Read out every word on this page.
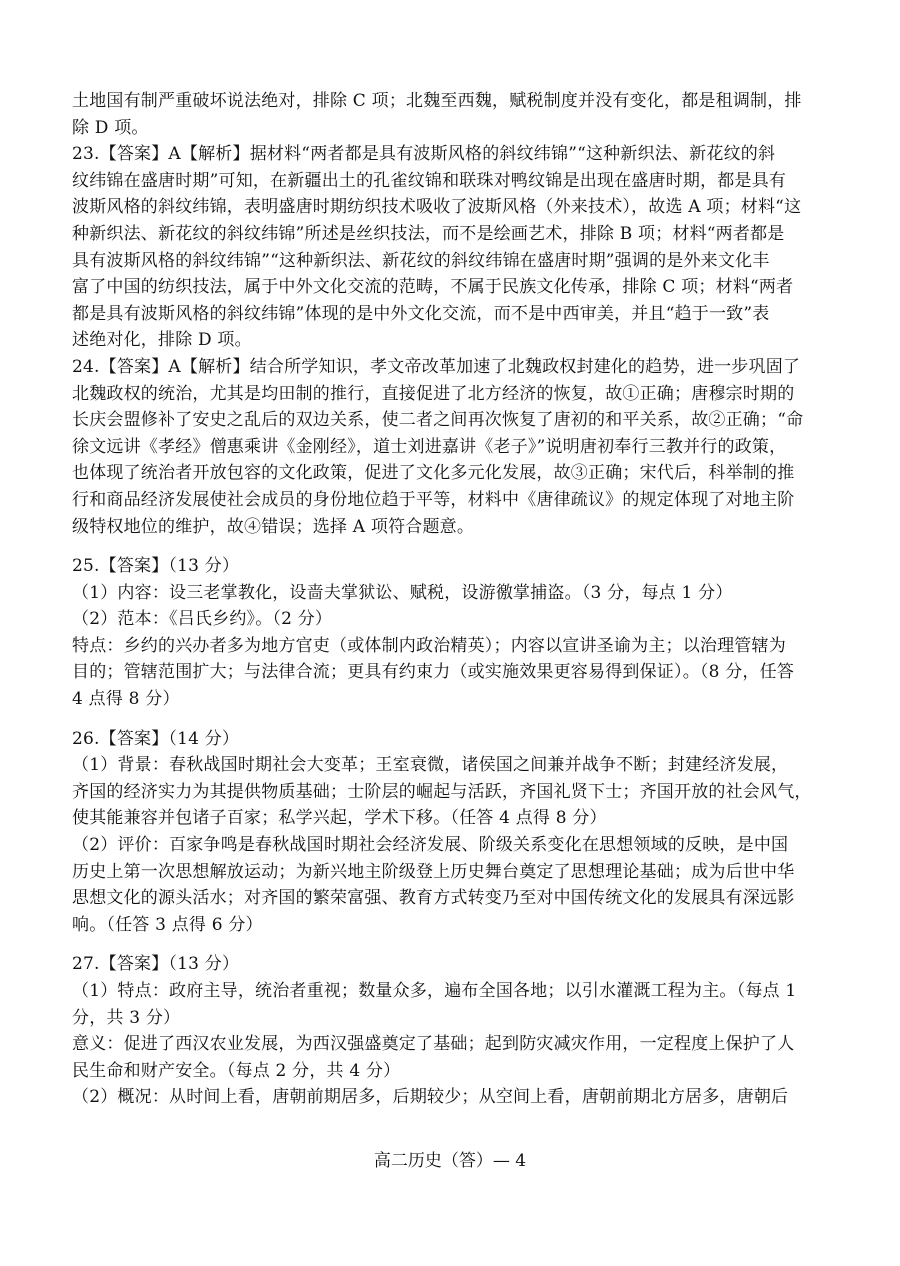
土地国有制严重破坏说法绝对，排除 C 项；北魏至西魏，赋税制度并没有变化，都是租调制，排
除 D 项。
23.【答案】A【解析】据材料“两者都是具有波斯风格的斜纹纬锦”“这种新织法、新花纹的斜
纹纬锦在盛唐时期”可知，在新疆出土的孔雀纹锦和联珠对鸭纹锦是出现在盛唐时期，都是具有
波斯风格的斜纹纬锦，表明盛唐时期纺织技术吸收了波斯风格（外来技术），故选 A 项；材料“这
种新织法、新花纹的斜纹纬锦”所述是丝织技法，而不是绘画艺术，排除 B 项；材料“两者都是
具有波斯风格的斜纹纬锦”“这种新织法、新花纹的斜纹纬锦在盛唐时期”强调的是外来文化丰
富了中国的纺织技法，属于中外文化交流的范畴，不属于民族文化传承，排除 C 项；材料“两者
都是具有波斯风格的斜纹纬锦”体现的是中外文化交流，而不是中西审美，并且“趋于一致”表
述绝对化，排除 D 项。
24.【答案】A【解析】结合所学知识，孝文帝改革加速了北魏政权封建化的趋势，进一步巩固了
北魏政权的统治，尤其是均田制的推行，直接促进了北方经济的恢复，故①正确；唐穆宗时期的
长庆会盟修补了安史之乱后的双边关系，使二者之间再次恢复了唐初的和平关系，故②正确；“命
徐文远讲《孝经》僧惠乘讲《金刚经》，道士刘进嘉讲《老子》”说明唐初奉行三教并行的政策，
也体现了统治者开放包容的文化政策，促进了文化多元化发展，故③正确；宋代后，科举制的推
行和商品经济发展使社会成员的身份地位趋于平等，材料中《唐律疏议》的规定体现了对地主阶
级特权地位的维护，故④错误；选择 A 项符合题意。
25.【答案】（13 分）
（1）内容：设三老掌教化，设啬夫掌狱讼、赋税，设游徼掌捕盗。（3 分，每点 1 分）
（2）范本：《吕氏乡约》。（2 分）
特点：乡约的兴办者多为地方官吏（或体制内政治精英）；内容以宣讲圣谕为主；以治理管辖为
目的；管辖范围扩大；与法律合流；更具有约束力（或实施效果更容易得到保证）。（8 分，任答
4 点得 8 分）
26.【答案】（14 分）
（1）背景：春秋战国时期社会大变革；王室衰微，诸侯国之间兼并战争不断；封建经济发展，
齐国的经济实力为其提供物质基础；士阶层的崛起与活跃，齐国礼贤下士；齐国开放的社会风气，
使其能兼容并包诸子百家；私学兴起，学术下移。（任答 4 点得 8 分）
（2）评价：百家争鸣是春秋战国时期社会经济发展、阶级关系变化在思想领域的反映，是中国
历史上第一次思想解放运动；为新兴地主阶级登上历史舞台奠定了思想理论基础；成为后世中华
思想文化的源头活水；对齐国的繁荣富强、教育方式转变乃至对中国传统文化的发展具有深远影
响。（任答 3 点得 6 分）
27.【答案】（13 分）
（1）特点：政府主导，统治者重视；数量众多，遍布全国各地；以引水灌溉工程为主。（每点 1
分，共 3 分）
意义：促进了西汉农业发展，为西汉强盛奠定了基础；起到防灾减灾作用，一定程度上保护了人
民生命和财产安全。（每点 2 分，共 4 分）
（2）概况：从时间上看，唐朝前期居多，后期较少；从空间上看，唐朝前期北方居多，唐朝后
高二历史（答）— 4
